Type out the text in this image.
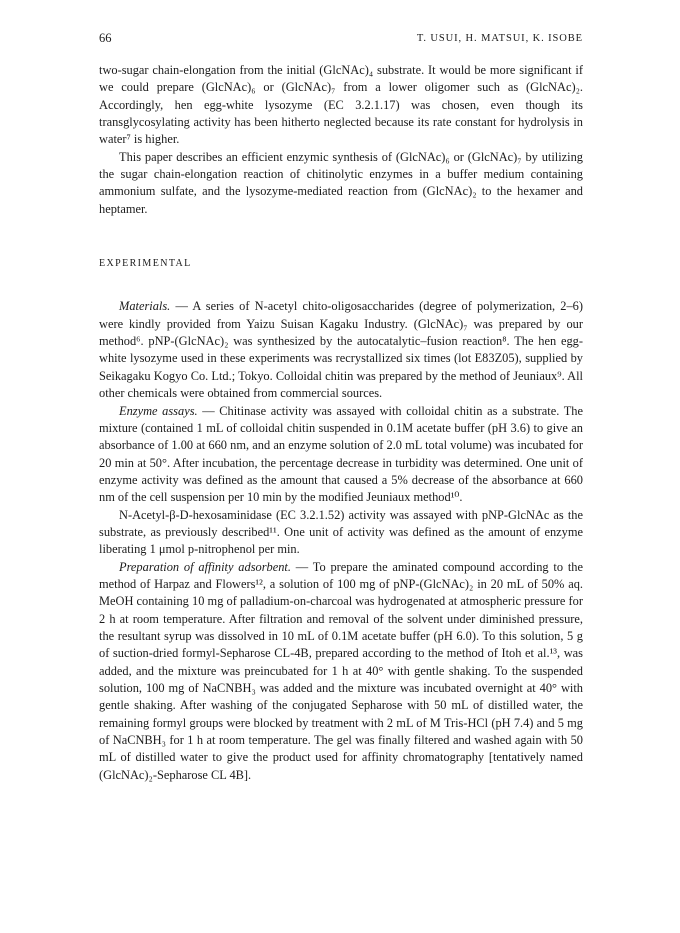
66	T. USUI, H. MATSUI, K. ISOBE

two-sugar chain-elongation from the initial (GlcNAc)₄ substrate. It would be more significant if we could prepare (GlcNAc)₆ or (GlcNAc)₇ from a lower oligomer such as (GlcNAc)₂. Accordingly, hen egg-white lysozyme (EC 3.2.1.17) was chosen, even though its transglycosylating activity has been hitherto neglected because its rate constant for hydrolysis in water⁷ is higher.

This paper describes an efficient enzymic synthesis of (GlcNAc)₆ or (GlcNAc)₇ by utilizing the sugar chain-elongation reaction of chitinolytic enzymes in a buffer medium containing ammonium sulfate, and the lysozyme-mediated reaction from (GlcNAc)₂ to the hexamer and heptamer.

EXPERIMENTAL

Materials. — A series of N-acetyl chito-oligosaccharides (degree of polymerization, 2–6) were kindly provided from Yaizu Suisan Kagaku Industry. (GlcNAc)₇ was prepared by our method⁶. pNP-(GlcNAc)₂ was synthesized by the autocatalytic–fusion reaction⁸. The hen egg-white lysozyme used in these experiments was recrystallized six times (lot E83Z05), supplied by Seikagaku Kogyo Co. Ltd.; Tokyo. Colloidal chitin was prepared by the method of Jeuniaux⁹. All other chemicals were obtained from commercial sources.

Enzyme assays. — Chitinase activity was assayed with colloidal chitin as a substrate. The mixture (contained 1 mL of colloidal chitin suspended in 0.1M acetate buffer (pH 3.6) to give an absorbance of 1.00 at 660 nm, and an enzyme solution of 2.0 mL total volume) was incubated for 20 min at 50°. After incubation, the percentage decrease in turbidity was determined. One unit of enzyme activity was defined as the amount that caused a 5% decrease of the absorbance at 660 nm of the cell suspension per 10 min by the modified Jeuniaux method¹⁰.

N-Acetyl-β-D-hexosaminidase (EC 3.2.1.52) activity was assayed with pNP-GlcNAc as the substrate, as previously described¹¹. One unit of activity was defined as the amount of enzyme liberating 1 μmol p-nitrophenol per min.

Preparation of affinity adsorbent. — To prepare the aminated compound according to the method of Harpaz and Flowers¹², a solution of 100 mg of pNP-(GlcNAc)₂ in 20 mL of 50% aq. MeOH containing 10 mg of palladium-on-charcoal was hydrogenated at atmospheric pressure for 2 h at room temperature. After filtration and removal of the solvent under diminished pressure, the resultant syrup was dissolved in 10 mL of 0.1M acetate buffer (pH 6.0). To this solution, 5 g of suction-dried formyl-Sepharose CL-4B, prepared according to the method of Itoh et al.¹³, was added, and the mixture was preincubated for 1 h at 40° with gentle shaking. To the suspended solution, 100 mg of NaCNBH₃ was added and the mixture was incubated overnight at 40° with gentle shaking. After washing of the conjugated Sepharose with 50 mL of distilled water, the remaining formyl groups were blocked by treatment with 2 mL of M Tris-HCl (pH 7.4) and 5 mg of NaCNBH₃ for 1 h at room temperature. The gel was finally filtered and washed again with 50 mL of distilled water to give the product used for affinity chromatography [tentatively named (GlcNAc)₂-Sepharose CL 4B].
